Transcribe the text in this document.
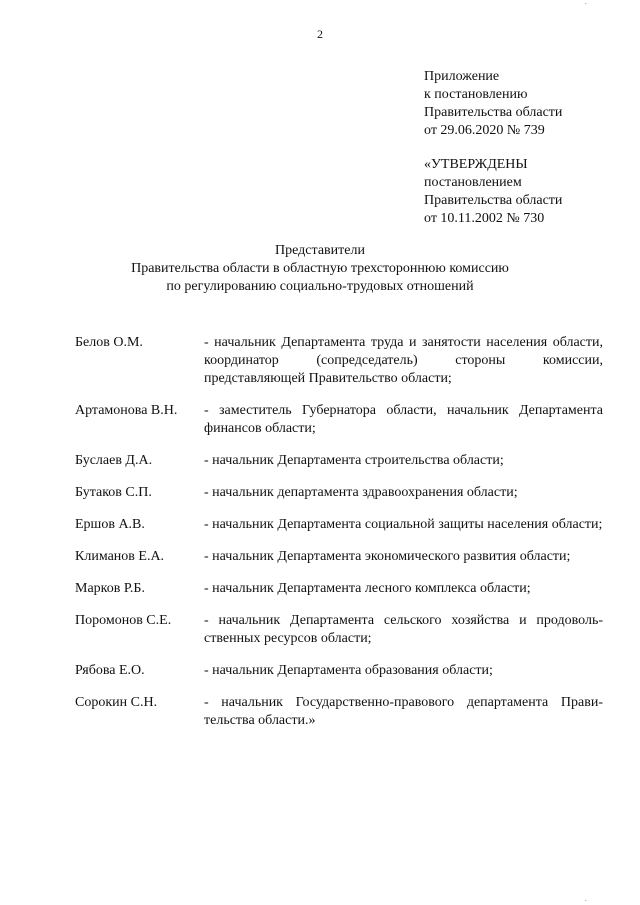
·
2
Приложение
к постановлению
Правительства области
от 29.06.2020 № 739
«УТВЕРЖДЕНЫ
постановлением
Правительства области
от 10.11.2002 № 730
Представители
Правительства области в областную трехстороннюю комиссию
по регулированию социально-трудовых отношений
Белов О.М.	- начальник Департамента труда и занятости населения области, координатор (сопредседатель) стороны комиссии, представляющей Правительство области;
Артамонова В.Н.	- заместитель Губернатора области, начальник Департамента финансов области;
Буслаев Д.А.	- начальник Департамента строительства области;
Бутаков С.П.	- начальник департамента здравоохранения области;
Ершов А.В.	- начальник Департамента социальной защиты населения области;
Климанов Е.А.	- начальник Департамента экономического развития области;
Марков Р.Б.	- начальник Департамента лесного комплекса области;
Поромонов С.Е.	- начальник Департамента сельского хозяйства и продовольственных ресурсов области;
Рябова Е.О.	- начальник Департамента образования области;
Сорокин С.Н.	- начальник Государственно-правового департамента Правительства области.»
·
